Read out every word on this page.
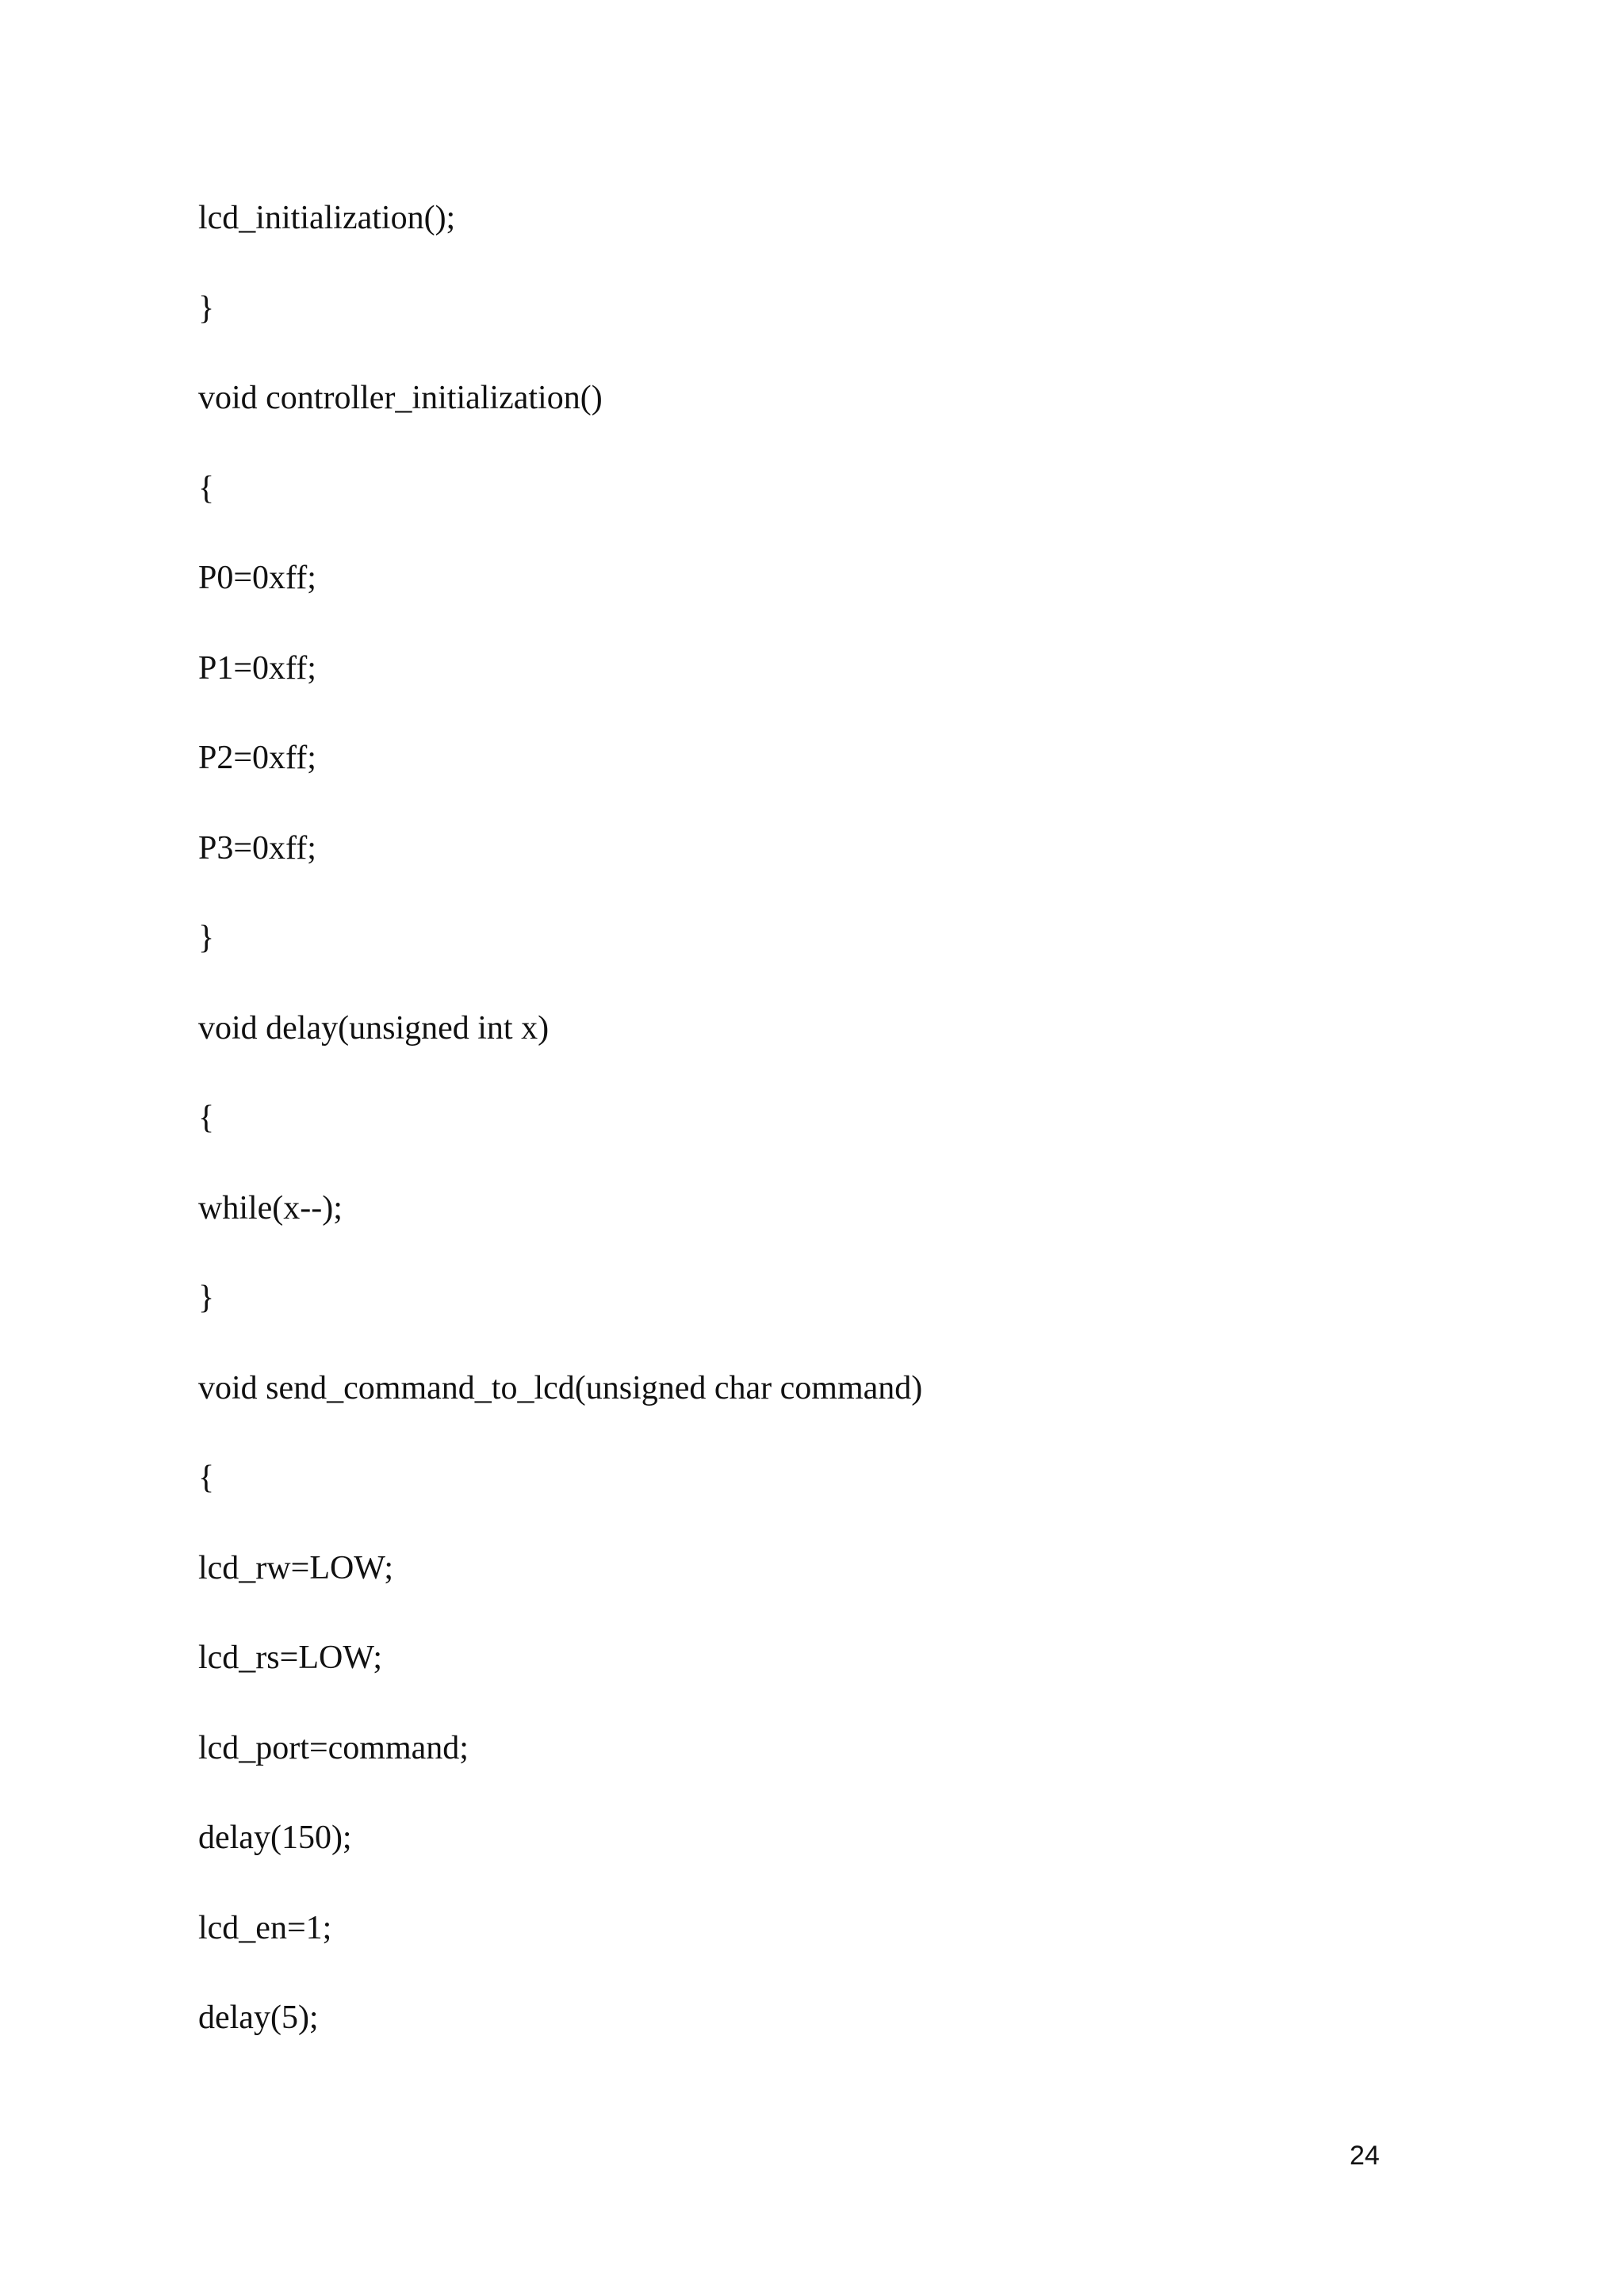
lcd_initialization();
}
void controller_initialization()
{
P0=0xff;
P1=0xff;
P2=0xff;
P3=0xff;
}
void delay(unsigned int x)
{
while(x--);
}
void send_command_to_lcd(unsigned char command)
{
lcd_rw=LOW;
lcd_rs=LOW;
lcd_port=command;
delay(150);
lcd_en=1;
delay(5);
24
